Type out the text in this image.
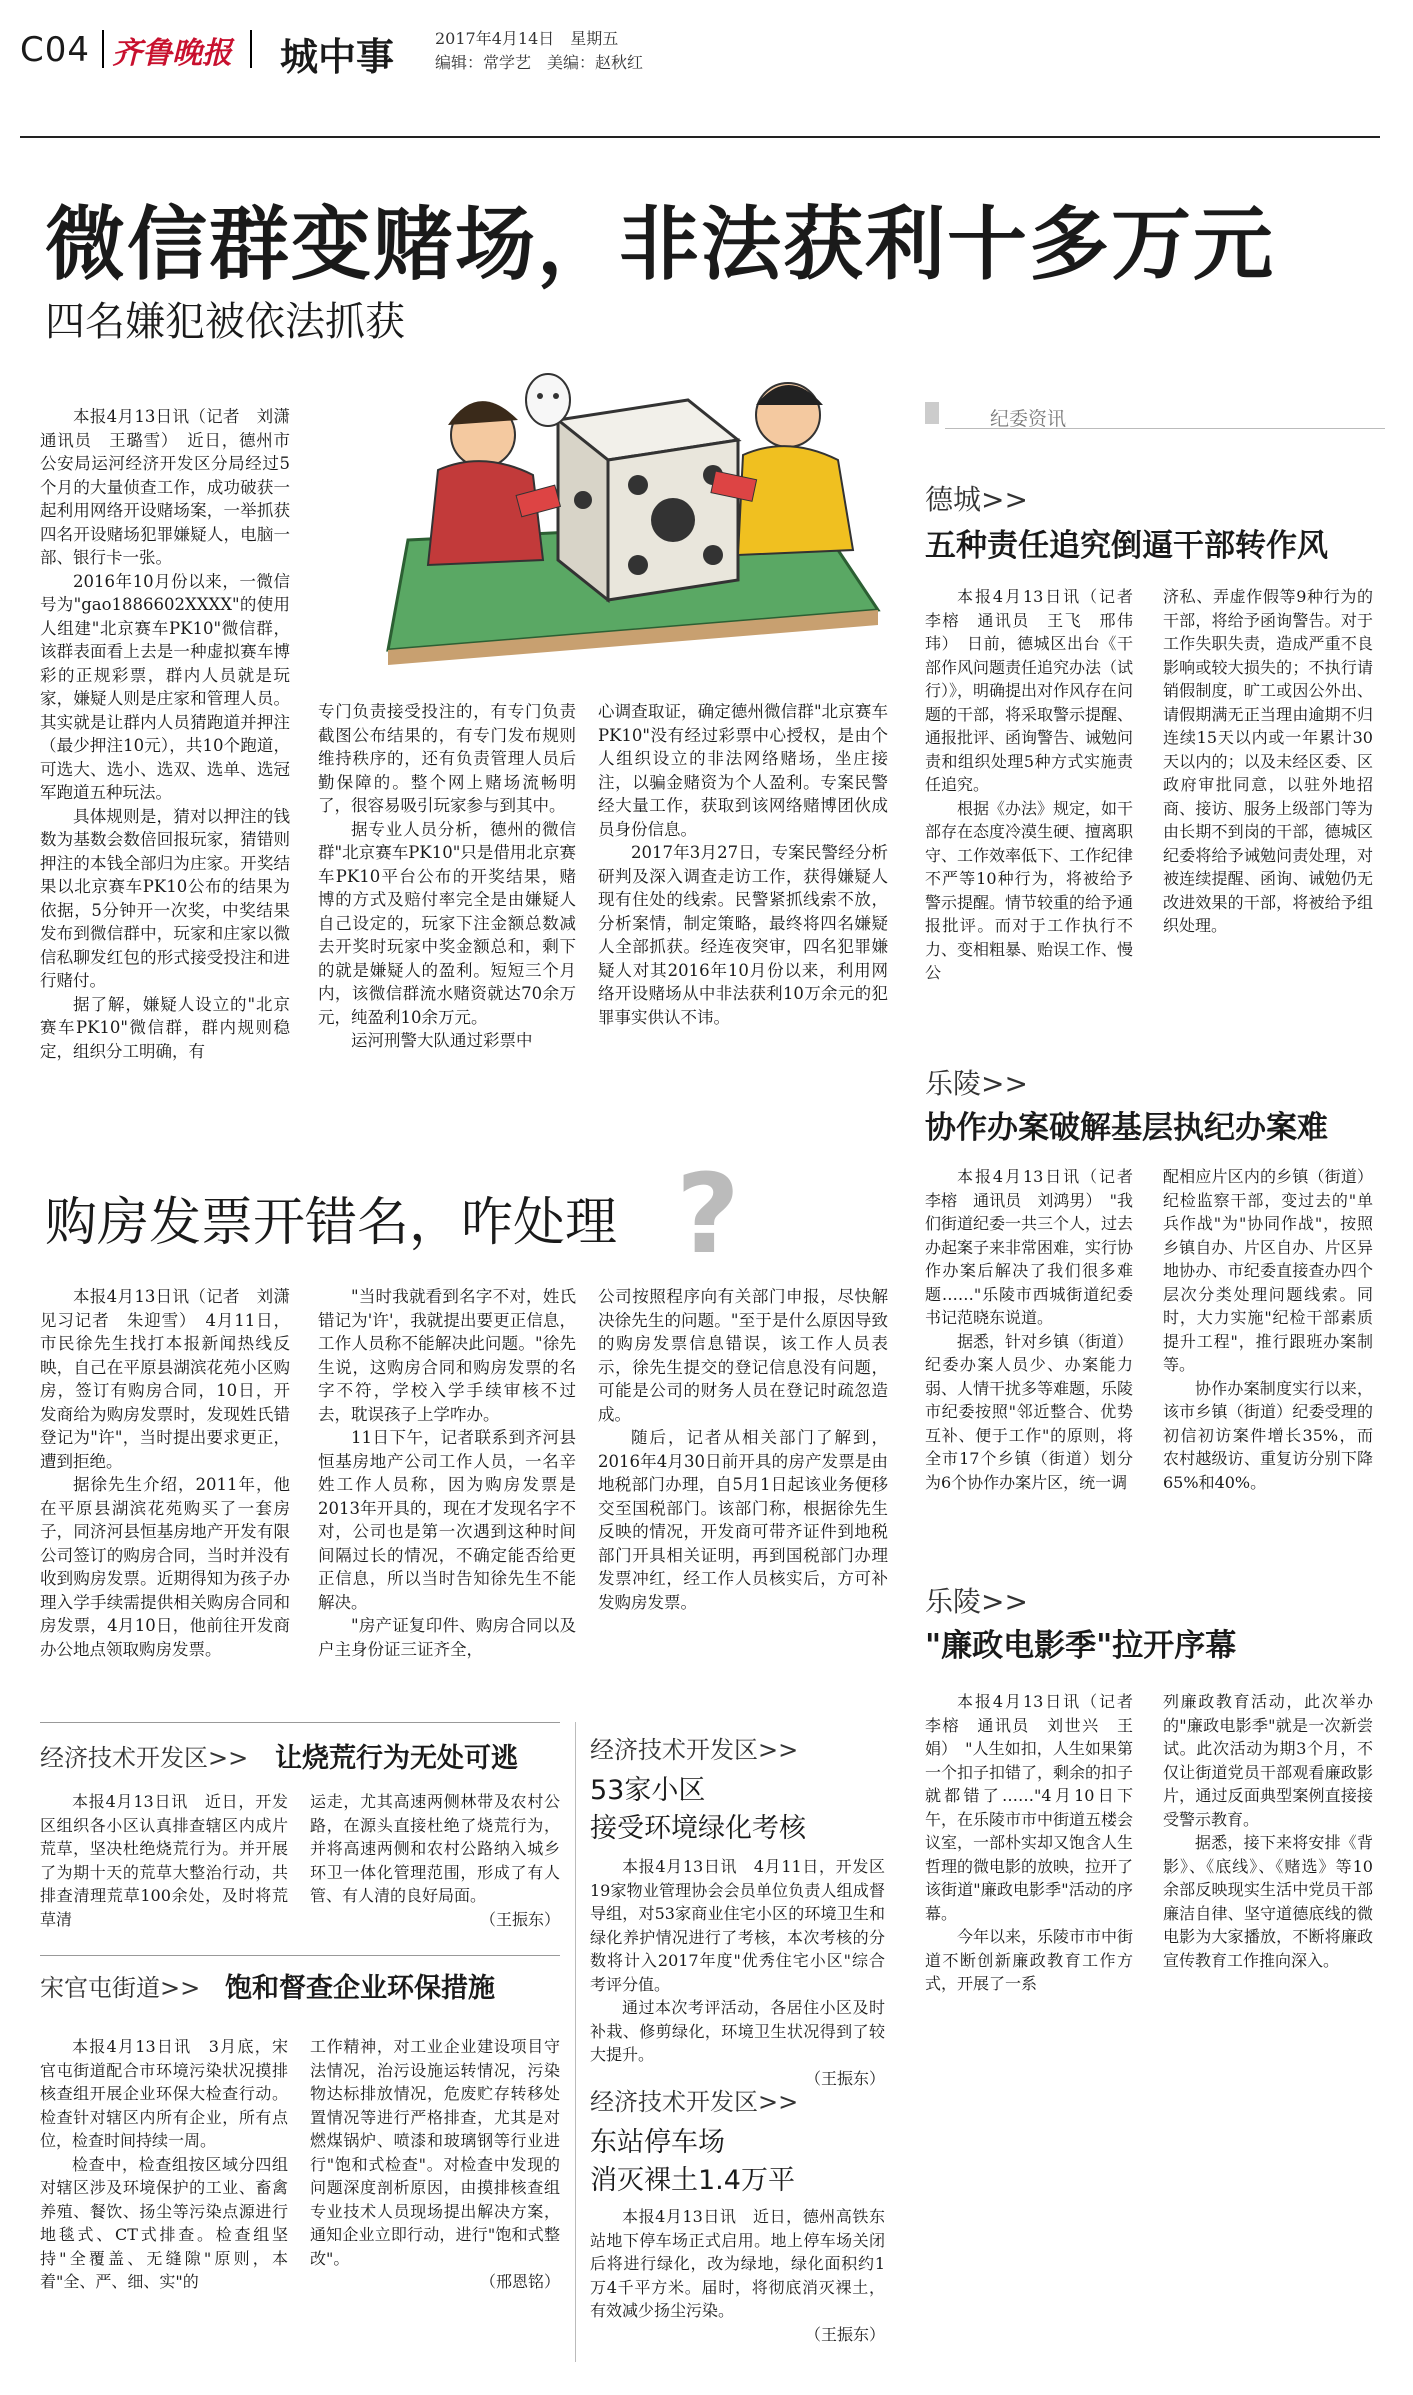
C04 齐鲁晚报 城中事	2017年4月14日　星期五
编辑：常学艺　美编：赵秋红
微信群变赌场，非法获利十多万元
四名嫌犯被依法抓获

本报4月13日讯（记者　刘潇　通讯员　王璐雪）　近日，德州市公安局运河经济开发区分局经过5个月的大量侦查工作，成功破获一起利用网络开设赌场案，一举抓获四名开设赌场犯罪嫌疑人，电脑一部、银行卡一张。

2016年10月份以来，一微信号为"gao1886602XXXX"的使用人组建"北京赛车PK10"微信群，该群表面看上去是一种虚拟赛车博彩的正规彩票，群内人员就是玩家，嫌疑人则是庄家和管理人员。其实就是让群内人员猜跑道并押注（最少押注10元），共10个跑道，可选大、选小、选双、选单、选冠军跑道五种玩法。

具体规则是，猜对以押注的钱数为基数会数倍回报玩家，猜错则押注的本钱全部归为庄家。开奖结果以北京赛车PK10公布的结果为依据，5分钟开一次奖，中奖结果发布到微信群中，玩家和庄家以微信私聊发红包的形式接受投注和进行赌付。

据了解，嫌疑人设立的"北京赛车PK10"微信群，群内规则稳定，组织分工明确，有

专门负责接受投注的，有专门负责截图公布结果的，有专门发布规则维持秩序的，还有负责管理人员后勤保障的。整个网上赌场流畅明了，很容易吸引玩家参与到其中。

据专业人员分析，德州的微信群"北京赛车PK10"只是借用北京赛车PK10平台公布的开奖结果，赌博的方式及赔付率完全是由嫌疑人自己设定的，玩家下注金额总数减去开奖时玩家中奖金额总和，剩下的就是嫌疑人的盈利。短短三个月内，该微信群流水赌资就达70余万元，纯盈利10余万元。

运河刑警大队通过彩票中

心调查取证，确定德州微信群"北京赛车PK10"没有经过彩票中心授权，是由个人组织设立的非法网络赌场，坐庄接注，以骗金赌资为个人盈利。专案民警经大量工作，获取到该网络赌博团伙成员身份信息。

2017年3月27日，专案民警经分析研判及深入调查走访工作，获得嫌疑人现有住处的线索。民警紧抓线索不放，分析案情，制定策略，最终将四名嫌疑人全部抓获。经连夜突审，四名犯罪嫌疑人对其2016年10月份以来，利用网络开设赌场从中非法获利10万余元的犯罪事实供认不讳。

购房发票开错名，咋处理 ?

本报4月13日讯（记者　刘潇　见习记者　朱迎雪）　4月11日，市民徐先生找打本报新闻热线反映，自己在平原县湖滨花苑小区购房，签订有购房合同，10日，开发商给为购房发票时，发现姓氏错登记为"许"，当时提出要求更正，遭到拒绝。

据徐先生介绍，2011年，他在平原县湖滨花苑购买了一套房子，同济河县恒基房地产开发有限公司签订的购房合同，当时并没有收到购房发票。近期得知为孩子办理入学手续需提供相关购房合同和房发票，4月10日，他前往开发商办公地点领取购房发票。

"当时我就看到名字不对，姓氏错记为'许'，我就提出要更正信息，工作人员称不能解决此问题。"徐先生说，这购房合同和购房发票的名字不符，学校入学手续审核不过去，耽误孩子上学咋办。

11日下午，记者联系到齐河县恒基房地产公司工作人员，一名辛姓工作人员称，因为购房发票是2013年开具的，现在才发现名字不对，公司也是第一次遇到这种时间间隔过长的情况，不确定能否给更正信息，所以当时告知徐先生不能解决。

"房产证复印件、购房合同以及户主身份证三证齐全，

公司按照程序向有关部门申报，尽快解决徐先生的问题。"至于是什么原因导致的购房发票信息错误，该工作人员表示，徐先生提交的登记信息没有问题，可能是公司的财务人员在登记时疏忽造成。

随后，记者从相关部门了解到，2016年4月30日前开具的房产发票是由地税部门办理，自5月1日起该业务便移交至国税部门。该部门称，根据徐先生反映的情况，开发商可带齐证件到地税部门开具相关证明，再到国税部门办理发票冲红，经工作人员核实后，方可补发购房发票。

纪委资讯
德城>>
五种责任追究倒逼干部转作风

本报4月13日讯（记者　李榕　通讯员　王飞　邢伟玮）　日前，德城区出台《干部作风问题责任追究办法（试行）》，明确提出对作风存在问题的干部，将采取警示提醒、通报批评、函询警告、诫勉问责和组织处理5种方式实施责任追究。

根据《办法》规定，如干部存在态度冷漠生硬、擅离职守、工作效率低下、工作纪律不严等10种行为，将被给予警示提醒。情节较重的给予通报批评。而对于工作执行不力、变相粗暴、贻误工作、慢公

济私、弄虚作假等9种行为的干部，将给予函询警告。对于工作失职失责，造成严重不良影响或较大损失的；不执行请销假制度，旷工或因公外出、请假期满无正当理由逾期不归连续15天以内或一年累计30天以内的；以及未经区委、区政府审批同意，以驻外地招商、接访、服务上级部门等为由长期不到岗的干部，德城区纪委将给予诫勉问责处理，对被连续提醒、函询、诫勉仍无改进效果的干部，将被给予组织处理。

乐陵>>
协作办案破解基层执纪办案难

本报4月13日讯（记者　李榕　通讯员　刘鸿男）　"我们街道纪委一共三个人，过去办起案子来非常困难，实行协作办案后解决了我们很多难题……"乐陵市西城街道纪委书记范晓东说道。

据悉，针对乡镇（街道）纪委办案人员少、办案能力弱、人情干扰多等难题，乐陵市纪委按照"邻近整合、优势互补、便于工作"的原则，将全市17个乡镇（街道）划分为6个协作办案片区，统一调

配相应片区内的乡镇（街道）纪检监察干部，变过去的"单兵作战"为"协同作战"，按照乡镇自办、片区自办、片区异地协办、市纪委直接查办四个层次分类处理问题线索。同时，大力实施"纪检干部素质提升工程"，推行跟班办案制等。

协作办案制度实行以来，该市乡镇（街道）纪委受理的初信初访案件增长35%，而农村越级访、重复访分别下降65%和40%。

乐陵>>
"廉政电影季"拉开序幕

本报4月13日讯（记者　李榕　通讯员　刘世兴　王娟）　"人生如扣，人生如果第一个扣子扣错了，剩余的扣子就都错了……"4月10日下午，在乐陵市市中街道五楼会议室，一部朴实却又饱含人生哲理的微电影的放映，拉开了该街道"廉政电影季"活动的序幕。

今年以来，乐陵市市中街道不断创新廉政教育工作方式，开展了一系

列廉政教育活动，此次举办的"廉政电影季"就是一次新尝试。此次活动为期3个月，不仅让街道党员干部观看廉政影片，通过反面典型案例直接接受警示教育。

据悉，接下来将安排《背影》、《底线》、《赌选》等10余部反映现实生活中党员干部廉洁自律、坚守道德底线的微电影为大家播放，不断将廉政宣传教育工作推向深入。

经济技术开发区>> 让烧荒行为无处可逃

本报4月13日讯　近日，开发区组织各小区认真排查辖区内成片荒草，坚决杜绝烧荒行为。并开展了为期十天的荒草大整治行动，共排查清理荒草100余处，及时将荒草清

运走，尤其高速两侧林带及农村公路，在源头直接杜绝了烧荒行为，并将高速两侧和农村公路纳入城乡环卫一体化管理范围，形成了有人管、有人清的良好局面。

（王振东）
宋官屯街道>> 饱和督查企业环保措施

本报4月13日讯　3月底，宋官屯街道配合市环境污染状况摸排核查组开展企业环保大检查行动。检查针对辖区内所有企业，所有点位，检查时间持续一周。

检查中，检查组按区域分四组对辖区涉及环境保护的工业、畜禽养殖、餐饮、扬尘等污染点源进行地毯式、CT式排查。检查组坚持"全覆盖、无缝隙"原则，本着"全、严、细、实"的

工作精神，对工业企业建设项目守法情况，治污设施运转情况，污染物达标排放情况，危废贮存转移处置情况等进行严格排查，尤其是对燃煤锅炉、喷漆和玻璃钢等行业进行"饱和式检查"。对检查中发现的问题深度剖析原因，由摸排核查组专业技术人员现场提出解决方案，通知企业立即行动，进行"饱和式整改"。

（邢恩铭）
经济技术开发区>>
53家小区
接受环境绿化考核

本报4月13日讯　4月11日，开发区19家物业管理协会会员单位负责人组成督导组，对53家商业住宅小区的环境卫生和绿化养护情况进行了考核，本次考核的分数将计入2017年度"优秀住宅小区"综合考评分值。

通过本次考评活动，各居住小区及时补栽、修剪绿化，环境卫生状况得到了较大提升。

（王振东）
经济技术开发区>>
东站停车场
消灭裸土1.4万平

本报4月13日讯　近日，德州高铁东站地下停车场正式启用。地上停车场关闭后将进行绿化，改为绿地，绿化面积约1万4千平方米。届时，将彻底消灭裸土，有效减少扬尘污染。

（王振东）
